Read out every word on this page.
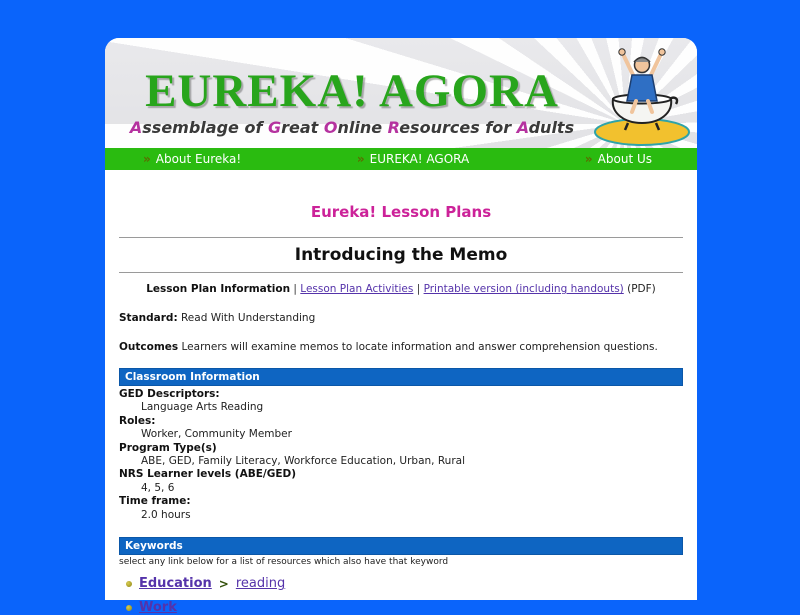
EUREKA! AGORA
Assemblage of Great Online Resources for Adults
» About Eureka!	» EUREKA! AGORA	» About Us
Eureka! Lesson Plans
Introducing the Memo
Lesson Plan Information | Lesson Plan Activities | Printable version (including handouts) (PDF)
Standard: Read With Understanding
Outcomes Learners will examine memos to locate information and answer comprehension questions.
Classroom Information
GED Descriptors:
Language Arts Reading
Roles:
Worker, Community Member
Program Type(s)
ABE, GED, Family Literacy, Workforce Education, Urban, Rural
NRS Learner levels (ABE/GED)
4, 5, 6
Time frame:
2.0 hours
Keywords
select any link below for a list of resources which also have that keyword
Education > reading
Work
